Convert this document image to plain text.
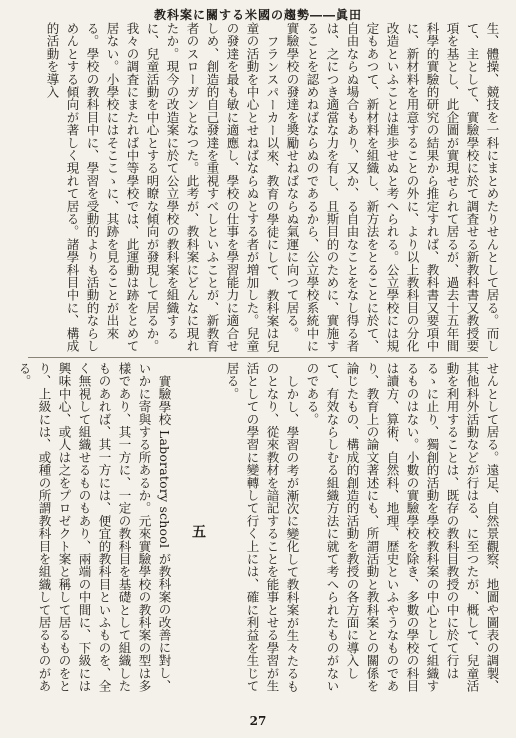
教科案に關する米國の趨勢――眞田

生、體操、競技を一科にまとめたりせんとして居る。而して、主として、實驗學校に於て調査せる新教科書又教授要項を基とし、此企圖が實現せられて居るが、過去十五年間科學的實驗的研究の結果から推定すれば、教科書又要項中に、新材料を用意することの外に、より以上教科目の分化改造といふことは進歩せぬと考へられる。公立學校には規定もあつて、新材料を組織し、新方法をとることに於て、自由ならぬ場合もあり、又か、る自由なことをなし得る者は、之につき適當な力を有し、且斯目的のために、實施することを認めねばならぬのであるから、公立學校系統中に實驗學校の發達を奬勵せねばならぬ氣運に向つて居る。

フランスパーカー以來、教育の學徒にして、教科案は兒童の活動を中心とせねばならぬとする者が増加した。兒童の發達を最も敏に適應し、學校の仕事を學習能力に適合せしめ、創造的自己發達を重視すべしといふことが、新教育者のスローガンとなつた。此考が、教科案にどんなに現れたか。現今の改造案に於て公立學校の教科案を組織するに、兒童活動を中心とする明瞭な傾向が發現して居るか。我々の調査にまたれば中等學校では、此運動は跡をとめて居ない。小學校にはそここゝに、其跡を見ることが出來る。學校の教科目中に、學習を受動的よりも活動的ならしめんとする傾向が著しく現れて居る。諸學科目中に、構成的活動を導入

せんとして居る。遠足、自然景觀察、地圖や圖表の調製、其他科外活動などが行はる、に至つたが、概して、兒童活動を利用することは、既存の教科目教授の中に於て行はるゝに止り、獨創的活動を學校教科案の中心として組織するものはない。小數の實驗學校を除き、多數の學校の科目は讀方、算術、自然科、地理、歴史といふやうなものであり、教育上の論文著述にも、所謂活動と教科案との關係を論じたもの、構成的創造的活動を教授の各方面に導入して、有效ならしむる組織方法に就て考へられたものがないのである。

しかし、學習の考が漸次に變化して教科案が生々たるものとなり、從來教材を諳記することを能事とせる學習が生活としての學習に變轉して行く上には、確に利益を生じて居る。

五

實驗學校 Laboratory school が教科案の改善に對し、いかに寄與する所あるか。元來實驗學校の教科案の型は多樣であり、其一方に、一定の教科目を基礎として組織したものあれば、其一方には、便宜的教科目といふものを、全く無視して組織せるものもあり、兩端の中間に、下級には興味中心、或人は之をプロゼクト案と稱して居るものをとり、上級には、或種の所謂教科目を組織して居るものがある。

27
